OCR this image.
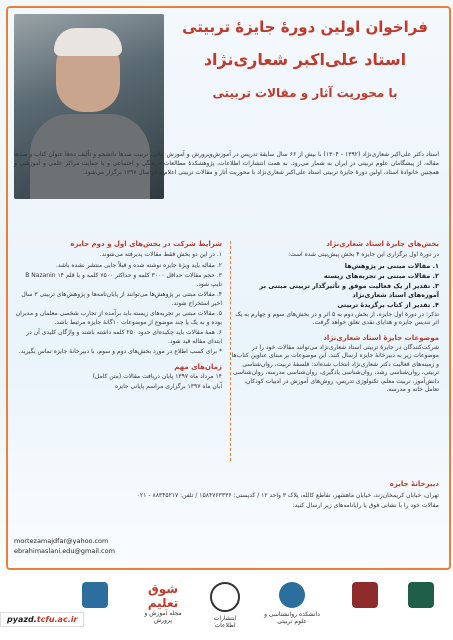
فراخوان اولین دورهٔ جایزهٔ تربیتی
استاد علی‌اکبر شعاری‌نژاد
با محوریت آثار و مقالات تربیتی
استاد دکتر علی‌اکبر شعاری‌نژاد (۱۳۹۲ - ۱۳۰۴) با بیش از ۶۶ سال سابقهٔ تدریس در آموزش‌وپرورش و آموزش عالی، تربیت صدها دانشجو و تألیف ده‌ها عنوان کتاب و صدها مقاله، از پیشگامان علوم تربیتی در ایران به شمار می‌رود. به همت انتشارات اطلاعات، پژوهشکدهٔ مطالعات فرهنگی و اجتماعی و با حمایت مراکز علمی و آموزشی و همچنین خانوادهٔ استاد، اولین دورهٔ جایزهٔ تربیتی استاد علی‌اکبر شعاری‌نژاد با محوریت آثار و مقالات تربیتی اعلام و در سال ۱۳۹۷ برگزار می‌شود.
بخش‌های جایزهٔ استاد شعاری‌نژاد
در دورهٔ اول برگزاری این جایزه ۴ بخش پیش‌بینی شده است:
۱. مقالات مبتنی بر پژوهش‌ها
۲. مقالات مبتنی بر تجربه‌های زیسته
۳. تقدیر از یک فعالیت موفق و تأثیرگذار تربیتی مبتنی بر آموزه‌های استاد شعاری‌نژاد
۴. تقدیر از کتاب برگزیدهٔ تربیتی
تذکر: در دورهٔ اول جایزه، از بخش دوم به ۵ اثر و در بخش‌های سوم و چهارم به یک اثر تندیس جایزه و هدایای نقدی تعلق خواهد گرفت.
موضوعات جایزهٔ استاد شعاری‌نژاد
شرکت‌کنندگان در جایزهٔ تربیتی استاد شعاری‌نژاد می‌توانند مقالات خود را در موضوعات زیر به دبیرخانهٔ جایزه ارسال کنند. این موضوعات بر مبنای عناوین کتاب‌ها و زمینه‌های فعالیت دکتر شعاری‌نژاد انتخاب شده‌اند: فلسفهٔ تربیت، روان‌شناسی تربیتی، روان‌شناسی رشد، روان‌شناسی یادگیری، روان‌شناسی مدرسه، روان‌شناسی دانش‌آموز، تربیت معلم، تکنولوژی تدریس، روش‌های آموزش در ادبیات کودکان، تعامل خانه و مدرسه.
شرایط شرکت در بخش‌های اول و دوم جایزه
۱. در این دو بخش فقط مقالات پذیرفته می‌شوند.
۲. مقاله باید ویژهٔ جایزه نوشته شده و قبلاً جایی منتشر نشده باشد.
۳. حجم مقالات حداقل ۳۰۰۰ کلمه و حداکثر ۷۵۰۰ کلمه و با قلم B Nazanin ۱۴ تایپ شود.
۴. مقالات مبتنی بر پژوهش‌ها می‌توانند از پایان‌نامه‌ها و پژوهش‌های تربیتی ۳ سال اخیر استخراج شوند.
۵. مقالات مبتنی بر تجربه‌های زیسته باید برآمده از تجارب شخصی معلمان و مدیران بوده و به یک یا چند موضوع از موضوعات ۱۰گانهٔ جایزه مرتبط باشد.
۶. همهٔ مقالات باید چکیده‌ای حدود ۲۵۰ کلمه داشته باشند و واژگان کلیدی آن در ابتدای مقاله قید شود.
* برای کسب اطلاع در مورد بخش‌های دوم و سوم، با دبیرخانهٔ جایزه تماس بگیرید.
زمان‌های مهم
۱۴ مرداد ماه ۱۳۹۷ پایان دریافت مقالات (متن کامل)
آبان ماه ۱۳۹۷ برگزاری مراسم پایانی جایزه
دبیرخانهٔ جایزه
تهران، خیابان کریمخان‌زند، خیابان ماهشهر، تقاطع کالله، پلاک ۳ واحد ۱۲ / کدپستی: ۱۵۸۴۷۶۳۳۳۶ / تلفن: ۸۸۳۴۵۲۱۷ - ۰۲۱
مقالات خود را با نشانی فوق یا رایانامه‌های زیر ارسال کنید:
mortezamajdfar@yahoo.com
ebrahimaslani.edu@gmail.com
شوق تعلیم
مجله آموزش و پرورش	انتشارات اطلاعات
دانشکده روانشناسی و علوم تربیتی
pyazd.tcfu.ac.ir
